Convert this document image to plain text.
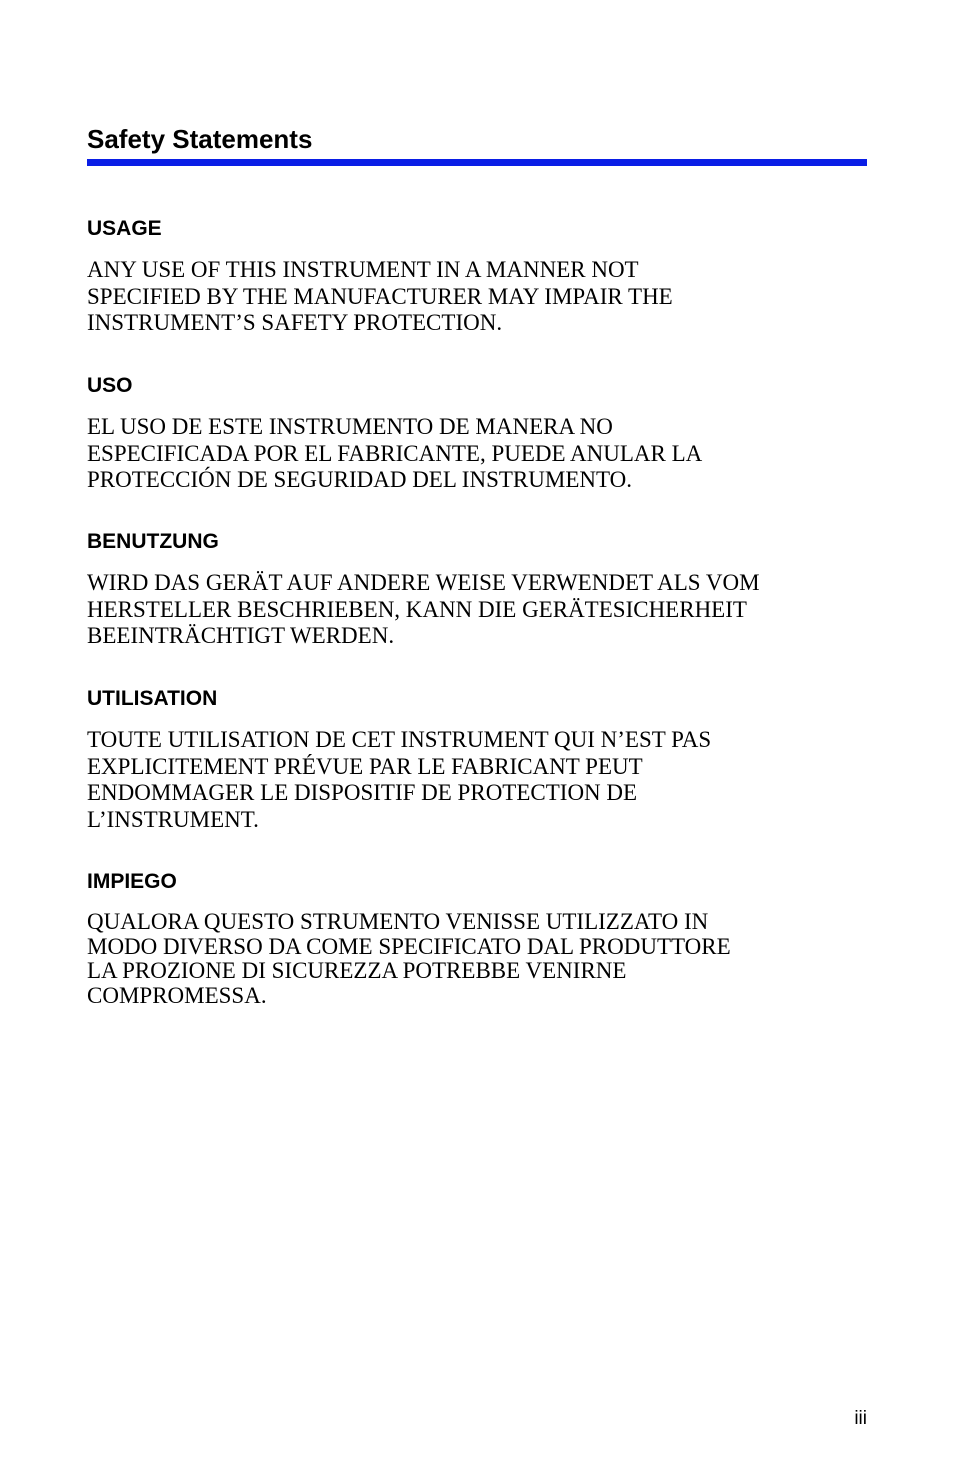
Safety Statements
USAGE

ANY USE OF THIS INSTRUMENT IN A MANNER NOT
SPECIFIED BY THE MANUFACTURER MAY IMPAIR THE
INSTRUMENT’S SAFETY PROTECTION.

USO

EL USO DE ESTE INSTRUMENTO DE MANERA NO
ESPECIFICADA POR EL FABRICANTE, PUEDE ANULAR LA
PROTECCIÓN DE SEGURIDAD DEL INSTRUMENTO.

BENUTZUNG

WIRD DAS GERÄT AUF ANDERE WEISE VERWENDET ALS VOM
HERSTELLER BESCHRIEBEN, KANN DIE GERÄTESICHERHEIT
BEEINTRÄCHTIGT WERDEN.

UTILISATION

TOUTE UTILISATION DE CET INSTRUMENT QUI N’EST PAS
EXPLICITEMENT PRÉVUE PAR LE FABRICANT PEUT
ENDOMMAGER LE DISPOSITIF DE PROTECTION DE
L’INSTRUMENT.

IMPIEGO

QUALORA QUESTO STRUMENTO VENISSE UTILIZZATO IN
MODO DIVERSO DA COME SPECIFICATO DAL PRODUTTORE
LA PROZIONE DI SICUREZZA POTREBBE VENIRNE
COMPROMESSA.

iii
